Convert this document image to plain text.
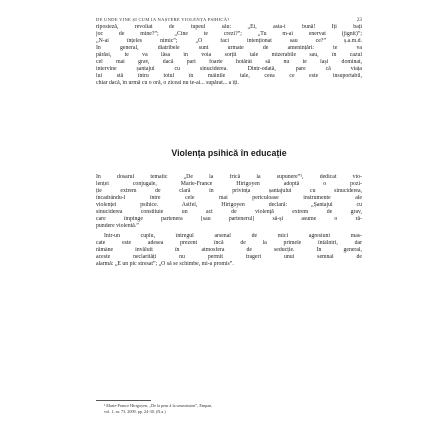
DE UNDE VINE ȘI CUM IA NAȘTERE VIOLENȚA PSIHICĂ?	23
riposteză, revoltat de tupeul său: „Ei, asta-i bună! Îți bați
joc de mine?”; „Cine te crezi?”; „Tu m-ai enervat (jignit)”;
„N-ai înțeles nimic”; „O faci intenționat sau ce?” ș.a.m.d.
În general, diatribele sunt urmate de amenințări: te va
părăsi, te va lăsa în voia sorții tale mizerabile sau, în cazul
cel mai grav, dacă pari foarte hotărât să nu te lași dominat,
intervine șantajul cu sinuciderea. Dintr-odată, pare că viața
lui stă întru totul în mâinile tale, ceea ce este insuportabil,
chiar dacă, în urmă cu o oră, o ziceai nu te-ai... supărat... a îți.
Violența psihică în educație
În dosarul tematic „De la frică la supunere”¹, dedicat vio-
lenței conjugale, Marie-France Hirigoyen adoptă o pozi-
ție extrem de clară în privința șantajului cu sinuciderea,
încadrându-l între cele mai periculoase instrumente ale
violenței psihice. Astfel, Hirigoyen declară: „Șantajul cu
sinuciderea constituie un act de violență extrem de grav,
care împinge partenera [sau partenerul] să-și asume o ră-
pundere violentă.”
Într-un cuplu, întregul arsenal de mici agresiuni mas-
cate este adesea prezent încă de la primele întâlniri, dar
rămâne învăluit în atmosfera de seducție. În general,
aceste neclarități nu permit trageri unui semnal de
alarmă: „E un pic stresat”; „O să se schimbe, mi-a promis”.
¹ Marie-France Hirigoyen, „De la peur à la soumission”, Empan,
vol. 1, nr. 73, 2009, pp. 24-30. (N.a.)
